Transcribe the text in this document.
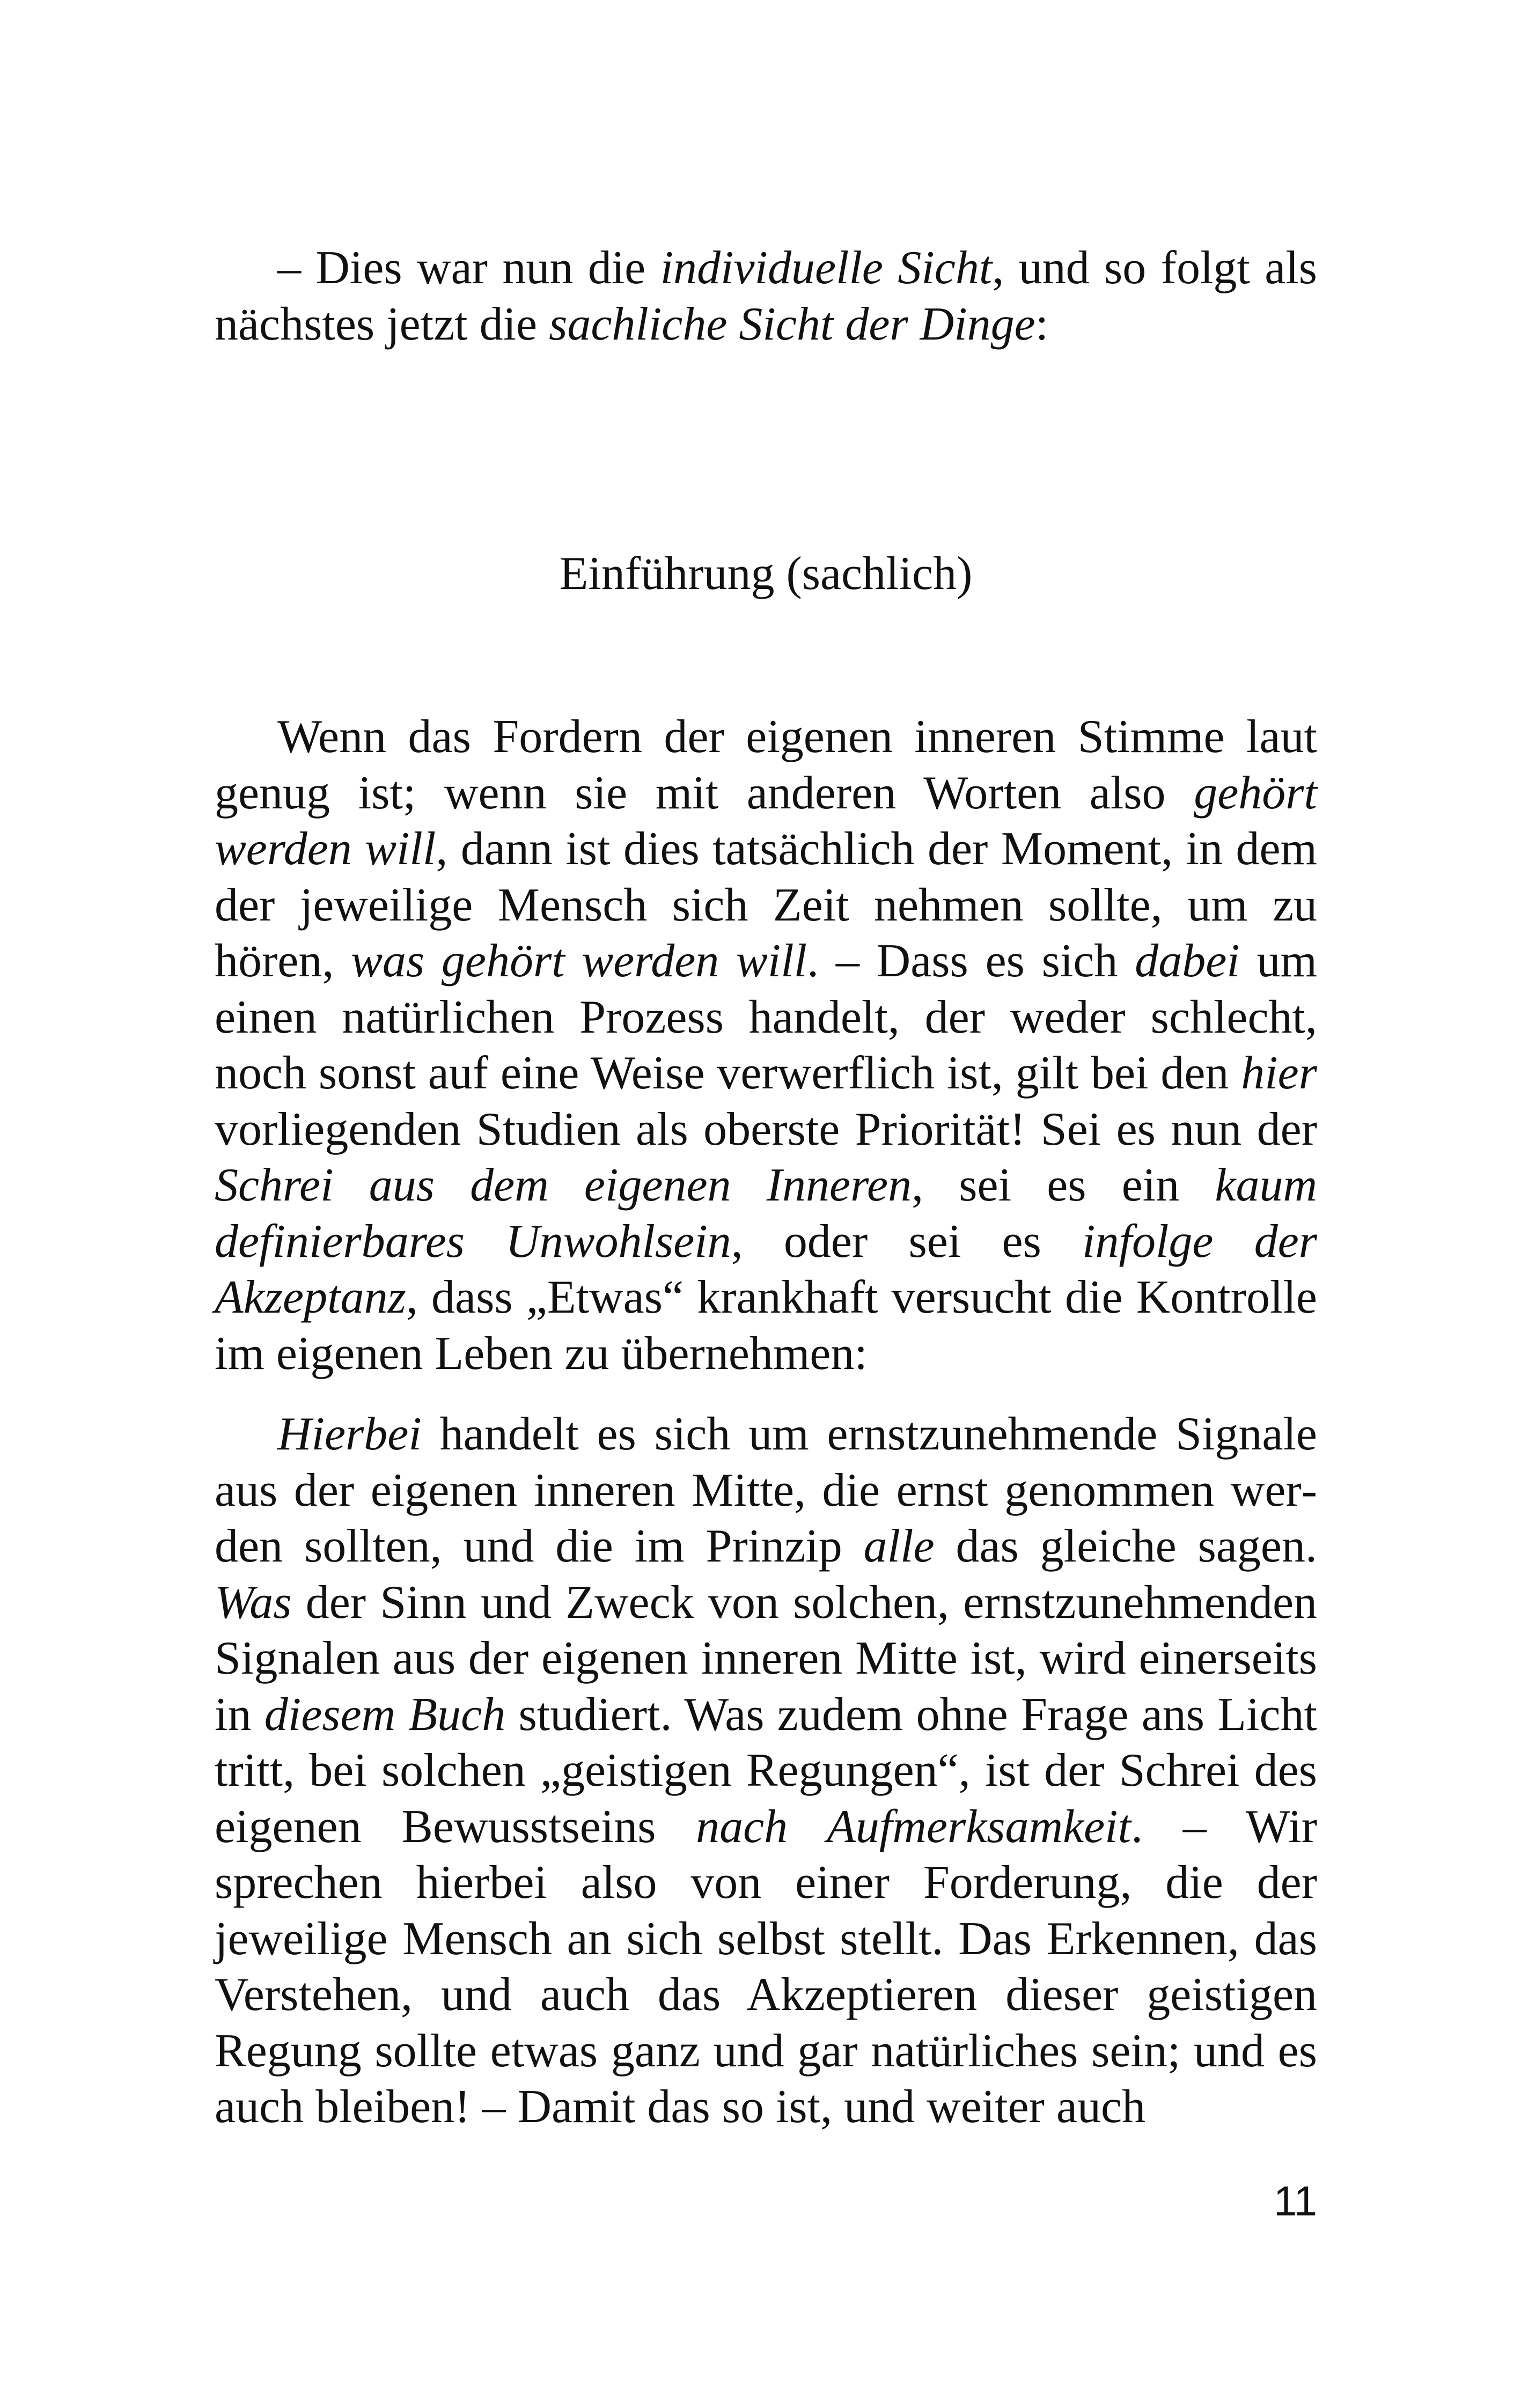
– Dies war nun die individuelle Sicht, und so folgt als nächstes jetzt die sachliche Sicht der Dinge:

Einführung (sachlich)

Wenn das Fordern der eigenen inneren Stimme laut genug ist; wenn sie mit anderen Worten also gehört werden will, dann ist dies tatsächlich der Moment, in dem der jeweilige Mensch sich Zeit nehmen sollte, um zu hören, was gehört werden will. – Dass es sich dabei um einen natürlichen Prozess handelt, der weder schlecht, noch sonst auf eine Weise verwerflich ist, gilt bei den hier vorliegenden Studien als oberste Priorität! Sei es nun der Schrei aus dem eigenen Inneren, sei es ein kaum definierbares Unwohlsein, oder sei es infolge der Akzeptanz, dass „Etwas“ krankhaft versucht die Kontrolle im eigenen Leben zu übernehmen:

Hierbei handelt es sich um ernstzunehmende Signale aus der eigenen inneren Mitte, die ernst genommen werden sollten, und die im Prinzip alle das gleiche sagen. Was der Sinn und Zweck von solchen, ernstzunehmenden Signalen aus der eigenen inneren Mitte ist, wird einerseits in diesem Buch studiert. Was zudem ohne Frage ans Licht tritt, bei solchen „geistigen Regungen“, ist der Schrei des eigenen Bewusstseins nach Aufmerksamkeit. – Wir sprechen hierbei also von einer Forderung, die der jeweilige Mensch an sich selbst stellt. Das Erkennen, das Verstehen, und auch das Akzeptieren dieser geistigen Regung sollte etwas ganz und gar natürliches sein; und es auch bleiben! – Damit das so ist, und weiter auch

11
